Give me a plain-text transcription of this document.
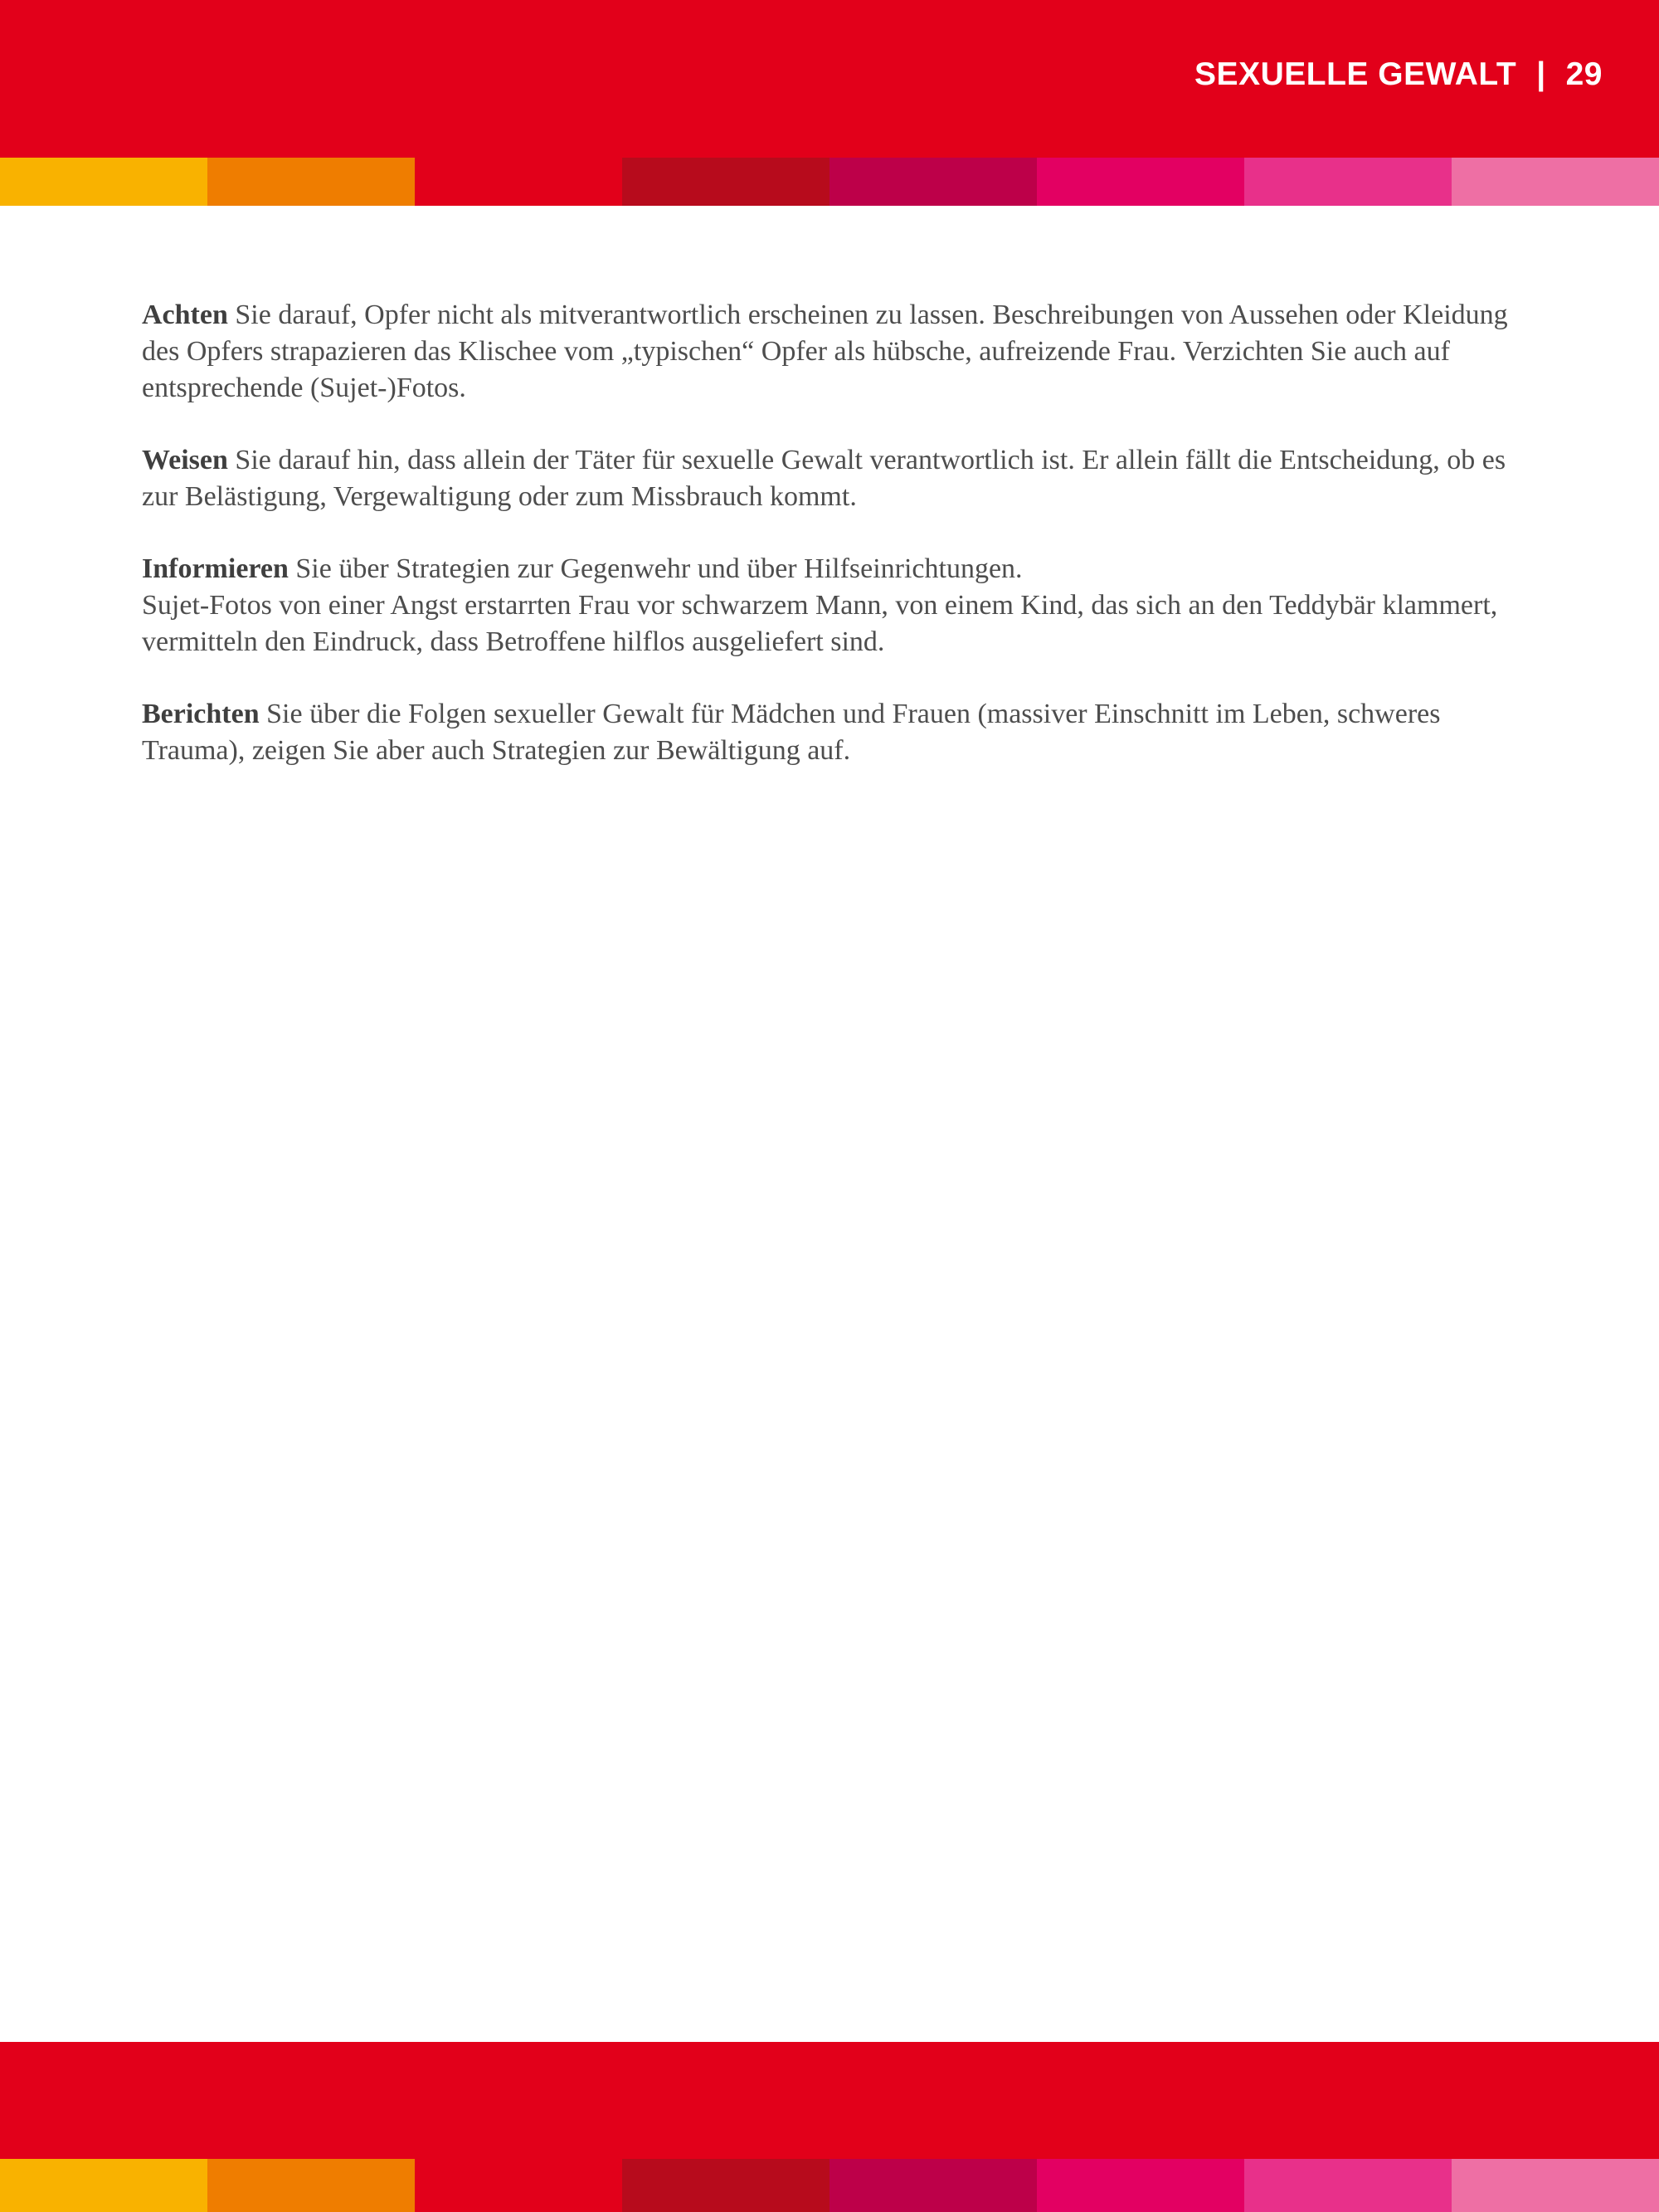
SEXUELLE GEWALT | 29

Achten Sie darauf, Opfer nicht als mitverantwortlich erscheinen zu lassen. Beschreibungen von Aussehen oder Kleidung des Opfers strapazieren das Klischee vom „typischen“ Opfer als hübsche, aufreizende Frau. Verzichten Sie auch auf entsprechende (Sujet-)Fotos.

Weisen Sie darauf hin, dass allein der Täter für sexuelle Gewalt verantwortlich ist. Er allein fällt die Entscheidung, ob es zur Belästigung, Vergewaltigung oder zum Missbrauch kommt.

Informieren Sie über Strategien zur Gegenwehr und über Hilfseinrichtungen.
Sujet-Fotos von einer Angst erstarrten Frau vor schwarzem Mann, von einem Kind, das sich an den Teddybär klammert, vermitteln den Eindruck, dass Betroffene hilflos ausgeliefert sind.

Berichten Sie über die Folgen sexueller Gewalt für Mädchen und Frauen (massiver Einschnitt im Leben, schweres Trauma), zeigen Sie aber auch Strategien zur Bewältigung auf.
